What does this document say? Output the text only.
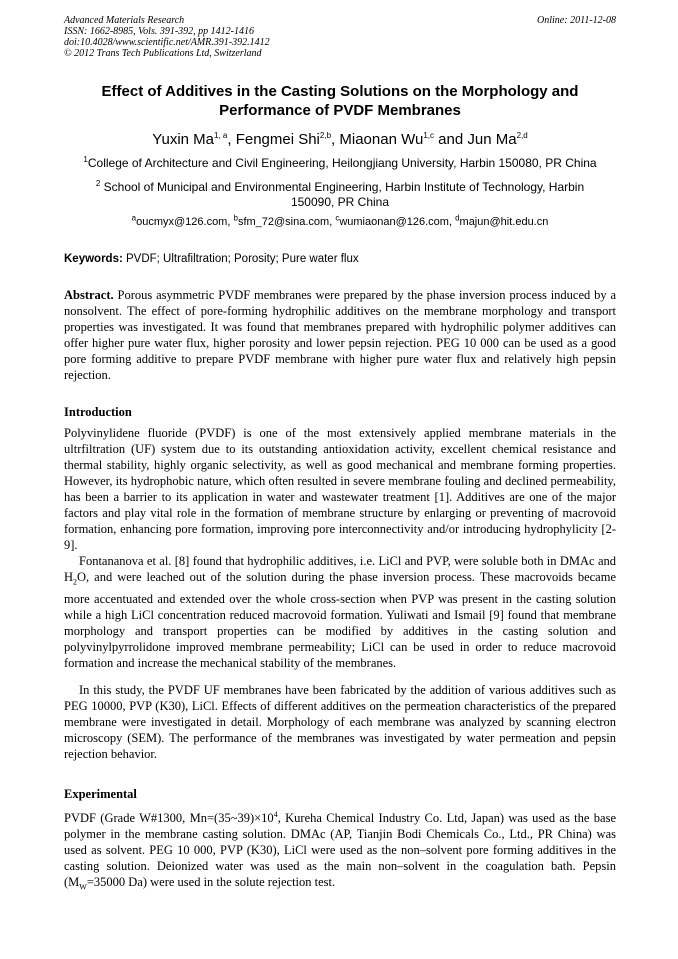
Advanced Materials Research
ISSN: 1662-8985, Vols. 391-392, pp 1412-1416
doi:10.4028/www.scientific.net/AMR.391-392.1412
© 2012 Trans Tech Publications Ltd, Switzerland
Online: 2011-12-08
Effect of Additives in the Casting Solutions on the Morphology and
Performance of PVDF Membranes
Yuxin Ma$^{1, a}$, Fengmei Shi$^{2,b}$, Miaonan Wu$^{1,c}$ and Jun Ma$^{2,d}$
$^1$College of Architecture and Civil Engineering, Heilongjiang University, Harbin 150080, PR China
$^2$ School of Municipal and Environmental Engineering, Harbin Institute of Technology, Harbin 150090, PR China
$^a$oucmyx@126.com, $^b$sfm_72@sina.com, $^c$wumiaonan@126.com, $^d$majun@hit.edu.cn
Keywords: PVDF; Ultrafiltration; Porosity; Pure water flux

Abstract. Porous asymmetric PVDF membranes were prepared by the phase inversion process induced by a nonsolvent. The effect of pore-forming hydrophilic additives on the membrane morphology and transport properties was investigated. It was found that membranes prepared with hydrophilic polymer additives can offer higher pure water flux, higher porosity and lower pepsin rejection. PEG 10 000 can be used as a good pore forming additive to prepare PVDF membrane with higher pure water flux and relatively high pepsin rejection.

Introduction

Polyvinylidene fluoride (PVDF) is one of the most extensively applied membrane materials in the ultrfiltration (UF) system due to its outstanding antioxidation activity, excellent chemical resistance and thermal stability, highly organic selectivity, as well as good mechanical and membrane forming properties. However, its hydrophobic nature, which often resulted in severe membrane fouling and declined permeability, has been a barrier to its application in water and wastewater treatment [1]. Additives are one of the major factors and play vital role in the formation of membrane structure by enlarging or preventing of macrovoid formation, enhancing pore formation, improving pore interconnectivity and/or introducing hydrophylicity [2-9].

Fontananova et al. [8] found that hydrophilic additives, i.e. LiCl and PVP, were soluble both in DMAc and $H_2O$, and were leached out of the solution during the phase inversion process. These macrovoids became more accentuated and extended over the whole cross-section when PVP was present in the casting solution while a high LiCl concentration reduced macrovoid formation. Yuliwati and Ismail [9] found that membrane morphology and transport properties can be modified by additives in the casting solution and polyvinylpyrrolidone improved membrane permeability; LiCl can be used in order to reduce macrovoid formation and increase the mechanical stability of the membranes.

In this study, the PVDF UF membranes have been fabricated by the addition of various additives such as PEG 10000, PVP (K30), LiCl. Effects of different additives on the permeation characteristics of the prepared membrane were investigated in detail. Morphology of each membrane was analyzed by scanning electron microscopy (SEM). The performance of the membranes was investigated by water permeation and pepsin rejection behavior.

Experimental

PVDF (Grade W#1300, $Mn=(35\sim 39)\times 10^4$, Kureha Chemical Industry Co. Ltd, Japan) was used as the base polymer in the membrane casting solution. DMAc (AP, Tianjin Bodi Chemicals Co., Ltd., PR China) was used as solvent. PEG 10 000, PVP (K30), LiCl were used as the non–solvent pore forming additives in the casting solution. Deionized water was used as the main non–solvent in the coagulation bath. Pepsin ($M_W=35000$ Da) were used in the solute rejection test.
